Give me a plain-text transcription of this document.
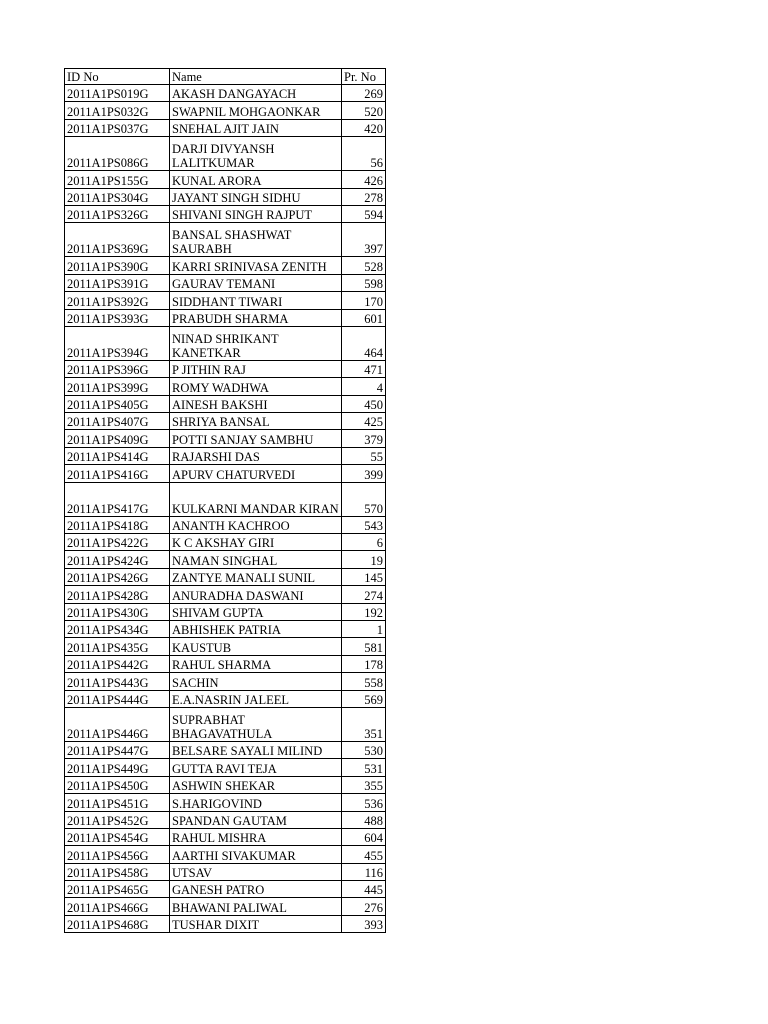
ID No	Name	Pr. No
2011A1PS019G	AKASH DANGAYACH	269
2011A1PS032G	SWAPNIL MOHGAONKAR	520
2011A1PS037G	SNEHAL AJIT JAIN	420
2011A1PS086G	DARJI DIVYANSH LALITKUMAR	56
2011A1PS155G	KUNAL ARORA	426
2011A1PS304G	JAYANT SINGH SIDHU	278
2011A1PS326G	SHIVANI SINGH RAJPUT	594
2011A1PS369G	BANSAL SHASHWAT SAURABH	397
2011A1PS390G	KARRI SRINIVASA ZENITH	528
2011A1PS391G	GAURAV TEMANI	598
2011A1PS392G	SIDDHANT TIWARI	170
2011A1PS393G	PRABUDH SHARMA	601
2011A1PS394G	NINAD SHRIKANT KANETKAR	464
2011A1PS396G	P JITHIN RAJ	471
2011A1PS399G	ROMY WADHWA	4
2011A1PS405G	AINESH BAKSHI	450
2011A1PS407G	SHRIYA BANSAL	425
2011A1PS409G	POTTI SANJAY SAMBHU	379
2011A1PS414G	RAJARSHI DAS	55
2011A1PS416G	APURV CHATURVEDI	399
2011A1PS417G	KULKARNI MANDAR KIRAN	570
2011A1PS418G	ANANTH KACHROO	543
2011A1PS422G	K C AKSHAY GIRI	6
2011A1PS424G	NAMAN SINGHAL	19
2011A1PS426G	ZANTYE MANALI SUNIL	145
2011A1PS428G	ANURADHA DASWANI	274
2011A1PS430G	SHIVAM GUPTA	192
2011A1PS434G	ABHISHEK PATRIA	1
2011A1PS435G	KAUSTUB	581
2011A1PS442G	RAHUL SHARMA	178
2011A1PS443G	SACHIN	558
2011A1PS444G	E.A.NASRIN JALEEL	569
2011A1PS446G	SUPRABHAT BHAGAVATHULA	351
2011A1PS447G	BELSARE SAYALI MILIND	530
2011A1PS449G	GUTTA RAVI TEJA	531
2011A1PS450G	ASHWIN SHEKAR	355
2011A1PS451G	S.HARIGOVIND	536
2011A1PS452G	SPANDAN GAUTAM	488
2011A1PS454G	RAHUL MISHRA	604
2011A1PS456G	AARTHI SIVAKUMAR	455
2011A1PS458G	UTSAV	116
2011A1PS465G	GANESH PATRO	445
2011A1PS466G	BHAWANI PALIWAL	276
2011A1PS468G	TUSHAR DIXIT	393
